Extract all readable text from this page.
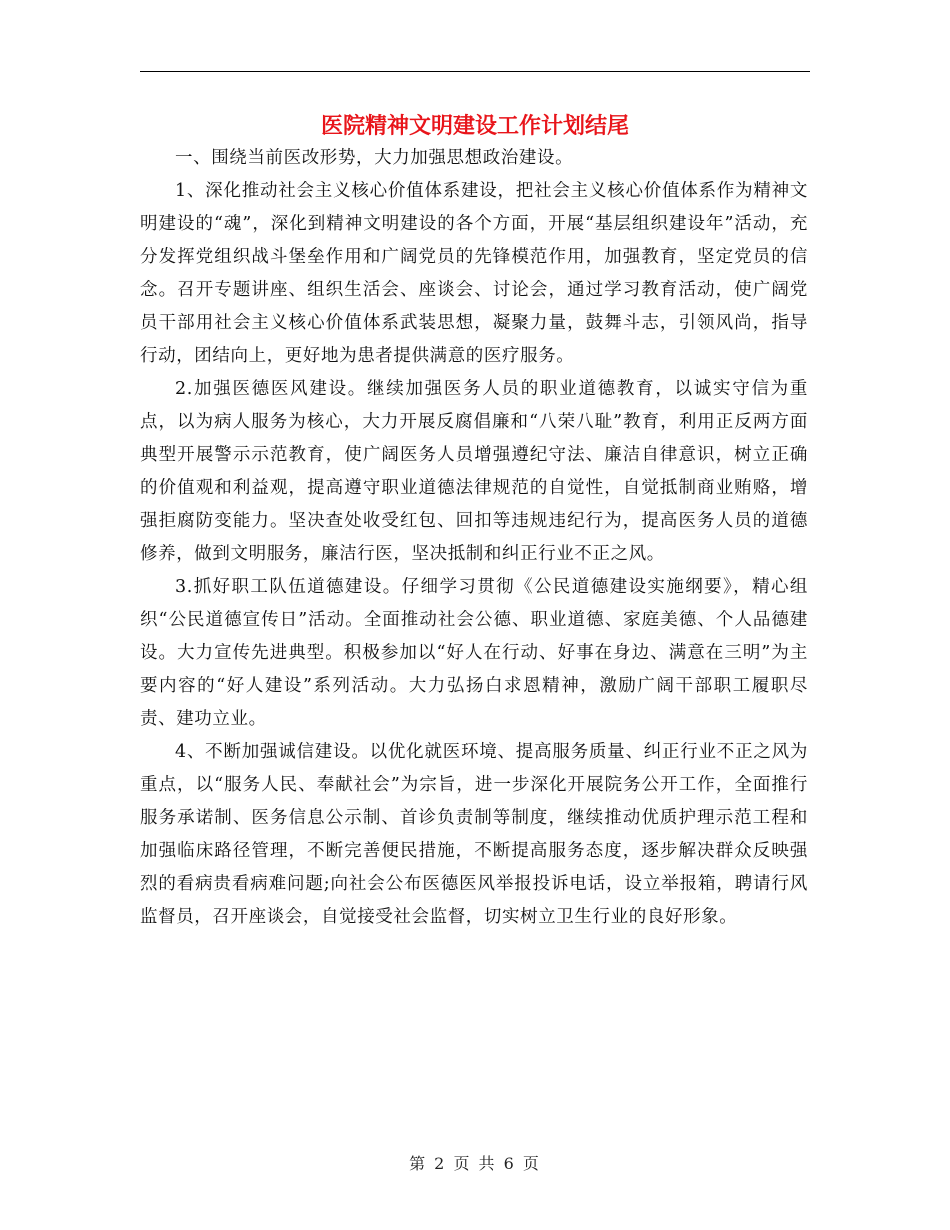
医院精神文明建设工作计划结尾

一、围绕当前医改形势，大力加强思想政治建设。

1、深化推动社会主义核心价值体系建设，把社会主义核心价值体系作为精神文明建设的“魂”，深化到精神文明建设的各个方面，开展“基层组织建设年”活动，充分发挥党组织战斗堡垒作用和广阔党员的先锋模范作用，加强教育，坚定党员的信念。召开专题讲座、组织生活会、座谈会、讨论会，通过学习教育活动，使广阔党员干部用社会主义核心价值体系武装思想，凝聚力量，鼓舞斗志，引领风尚，指导行动，团结向上，更好地为患者提供满意的医疗服务。

2.加强医德医风建设。继续加强医务人员的职业道德教育，以诚实守信为重点，以为病人服务为核心，大力开展反腐倡廉和“八荣八耻”教育，利用正反两方面典型开展警示示范教育，使广阔医务人员增强遵纪守法、廉洁自律意识，树立正确的价值观和利益观，提高遵守职业道德法律规范的自觉性，自觉抵制商业贿赂，增强拒腐防变能力。坚决查处收受红包、回扣等违规违纪行为，提高医务人员的道德修养，做到文明服务，廉洁行医，坚决抵制和纠正行业不正之风。

3.抓好职工队伍道德建设。仔细学习贯彻《公民道德建设实施纲要》，精心组织“公民道德宣传日”活动。全面推动社会公德、职业道德、家庭美德、个人品德建设。大力宣传先进典型。积极参加以“好人在行动、好事在身边、满意在三明”为主要内容的“好人建设”系列活动。大力弘扬白求恩精神，激励广阔干部职工履职尽责、建功立业。

4、不断加强诚信建设。以优化就医环境、提高服务质量、纠正行业不正之风为重点，以“服务人民、奉献社会”为宗旨，进一步深化开展院务公开工作，全面推行服务承诺制、医务信息公示制、首诊负责制等制度，继续推动优质护理示范工程和加强临床路径管理，不断完善便民措施，不断提高服务态度，逐步解决群众反映强烈的看病贵看病难问题;向社会公布医德医风举报投诉电话，设立举报箱，聘请行风监督员，召开座谈会，自觉接受社会监督，切实树立卫生行业的良好形象。

第 2 页 共 6 页
